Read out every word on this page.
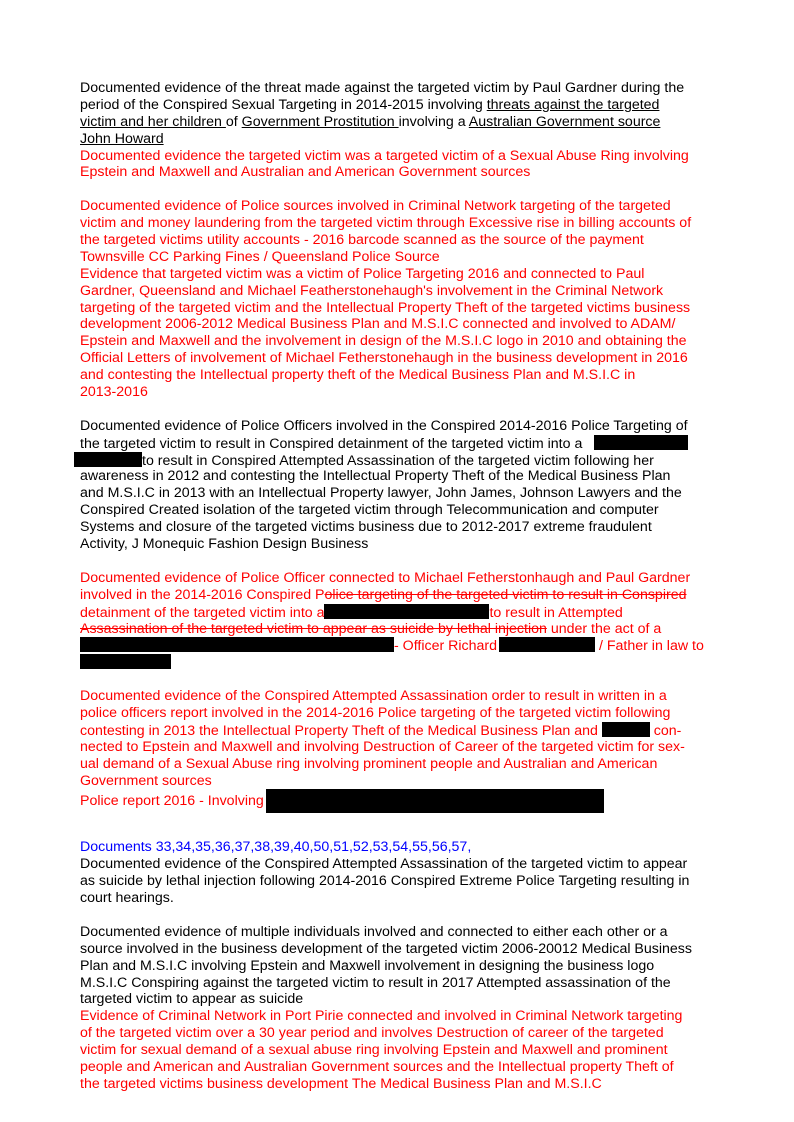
Documented evidence of the threat made against the targeted victim by Paul Gardner during the
period of the Conspired Sexual Targeting in 2014-2015 involving threats against the targeted
victim and her children of Government Prostitution involving a Australian Government source
John Howard
Documented evidence the targeted victim was a targeted victim of a Sexual Abuse Ring involving
Epstein and Maxwell and Australian and American Government sources
Documented evidence of Police sources involved in Criminal Network targeting of the targeted
victim and money laundering from the targeted victim through Excessive rise in billing accounts of
the targeted victims utility accounts - 2016 barcode scanned as the source of the payment
Townsville CC Parking Fines / Queensland Police Source
Evidence that targeted victim was a victim of Police Targeting 2016 and connected to Paul
Gardner, Queensland and Michael Featherstonehaugh's involvement in the Criminal Network
targeting of the targeted victim and the Intellectual Property Theft of the targeted victims business
development 2006-2012 Medical Business Plan and M.S.I.C connected and involved to ADAM/
Epstein and Maxwell and the involvement in design of the M.S.I.C logo in 2010 and obtaining the
Official Letters of involvement of Michael Fetherstonehaugh in the business development in 2016
and contesting the Intellectual property theft of the Medical Business Plan and M.S.I.C in
2013-2016
Documented evidence of Police Officers involved in the Conspired 2014-2016 Police Targeting of
the targeted victim to result in Conspired detainment of the targeted victim into a
to result in Conspired Attempted Assassination of the targeted victim following her
awareness in 2012 and contesting the Intellectual Property Theft of the Medical Business Plan
and M.S.I.C in 2013 with an Intellectual Property lawyer, John James, Johnson Lawyers and the
Conspired Created isolation of the targeted victim through Telecommunication and computer
Systems and closure of the targeted victims business due to 2012-2017 extreme fraudulent
Activity, J Monequic Fashion Design Business
Documented evidence of Police Officer connected to Michael Fetherstonhaugh and Paul Gardner
involved in the 2014-2016 Conspired Police targeting of the targeted victim to result in Conspired
detainment of the targeted victim into a	to result in Attempted
Assassination of the targeted victim to appear as suicide by lethal injection under the act of a
- Officer Richard	/ Father in law to
Documented evidence of the Conspired Attempted Assassination order to result in written in a
police officers report involved in the 2014-2016 Police targeting of the targeted victim following
contesting in 2013 the Intellectual Property Theft of the Medical Business Plan and	con-
nected to Epstein and Maxwell and involving Destruction of Career of the targeted victim for sex-
ual demand of a Sexual Abuse ring involving prominent people and Australian and American
Government sources
Police report 2016 - Involving
Documents 33,34,35,36,37,38,39,40,50,51,52,53,54,55,56,57,
Documented evidence of the Conspired Attempted Assassination of the targeted victim to appear
as suicide by lethal injection following 2014-2016 Conspired Extreme Police Targeting resulting in
court hearings.
Documented evidence of multiple individuals involved and connected to either each other or a
source involved in the business development of the targeted victim 2006-20012 Medical Business
Plan and M.S.I.C involving Epstein and Maxwell involvement in designing the business logo
M.S.I.C Conspiring against the targeted victim to result in 2017 Attempted assassination of the
targeted victim to appear as suicide
Evidence of Criminal Network in Port Pirie connected and involved in Criminal Network targeting
of the targeted victim over a 30 year period and involves Destruction of career of the targeted
victim for sexual demand of a sexual abuse ring involving Epstein and Maxwell and prominent
people and American and Australian Government sources and the Intellectual property Theft of
the targeted victims business development The Medical Business Plan and M.S.I.C
